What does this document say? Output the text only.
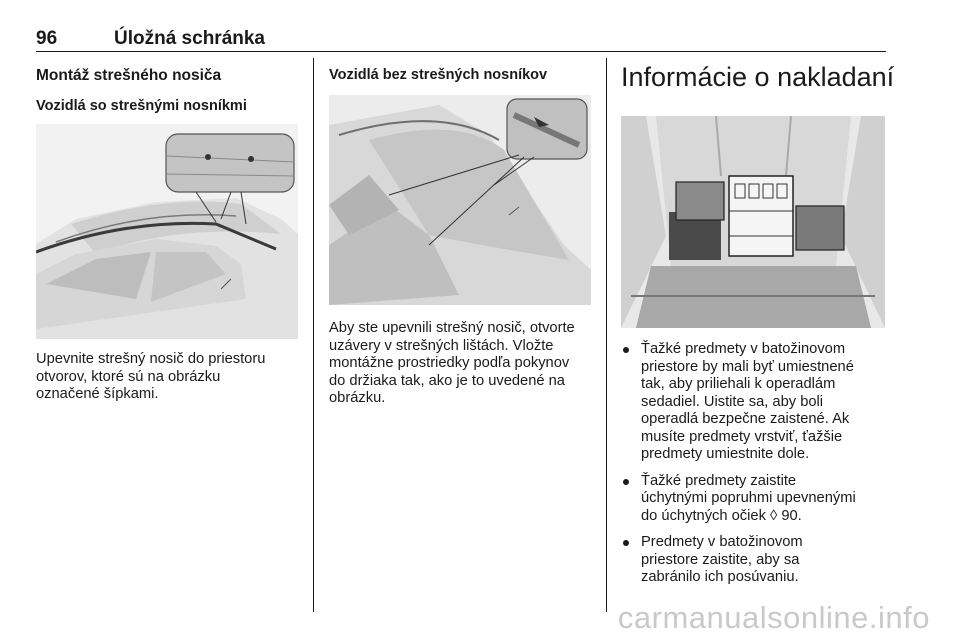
96	Úložná schránka
Montáž strešného nosiča
Vozidlá so strešnými nosníkmi

Upevnite strešný nosič do priestoru
otvorov, ktoré sú na obrázku
označené šípkami.

Vozidlá bez strešných nosníkov

Aby ste upevnili strešný nosič, otvorte
uzávery v strešných lištách. Vložte
montážne prostriedky podľa pokynov
do držiaka tak, ako je to uvedené na
obrázku.

Informácie o nakladaní
Ťažké predmety v batožinovom
priestore by mali byť umiestnené
tak, aby priliehali k operadlám
sedadiel. Uistite sa, aby boli
operadlá bezpečne zaistené. Ak
musíte predmety vrstviť, ťažšie
predmety umiestnite dole.
Ťažké predmety zaistite
úchytnými popruhmi upevnenými
do úchytných očiek ◊ 90.
Predmety v batožinovom
priestore zaistite, aby sa
zabránilo ich posúvaniu.
carmanualsonline.info
